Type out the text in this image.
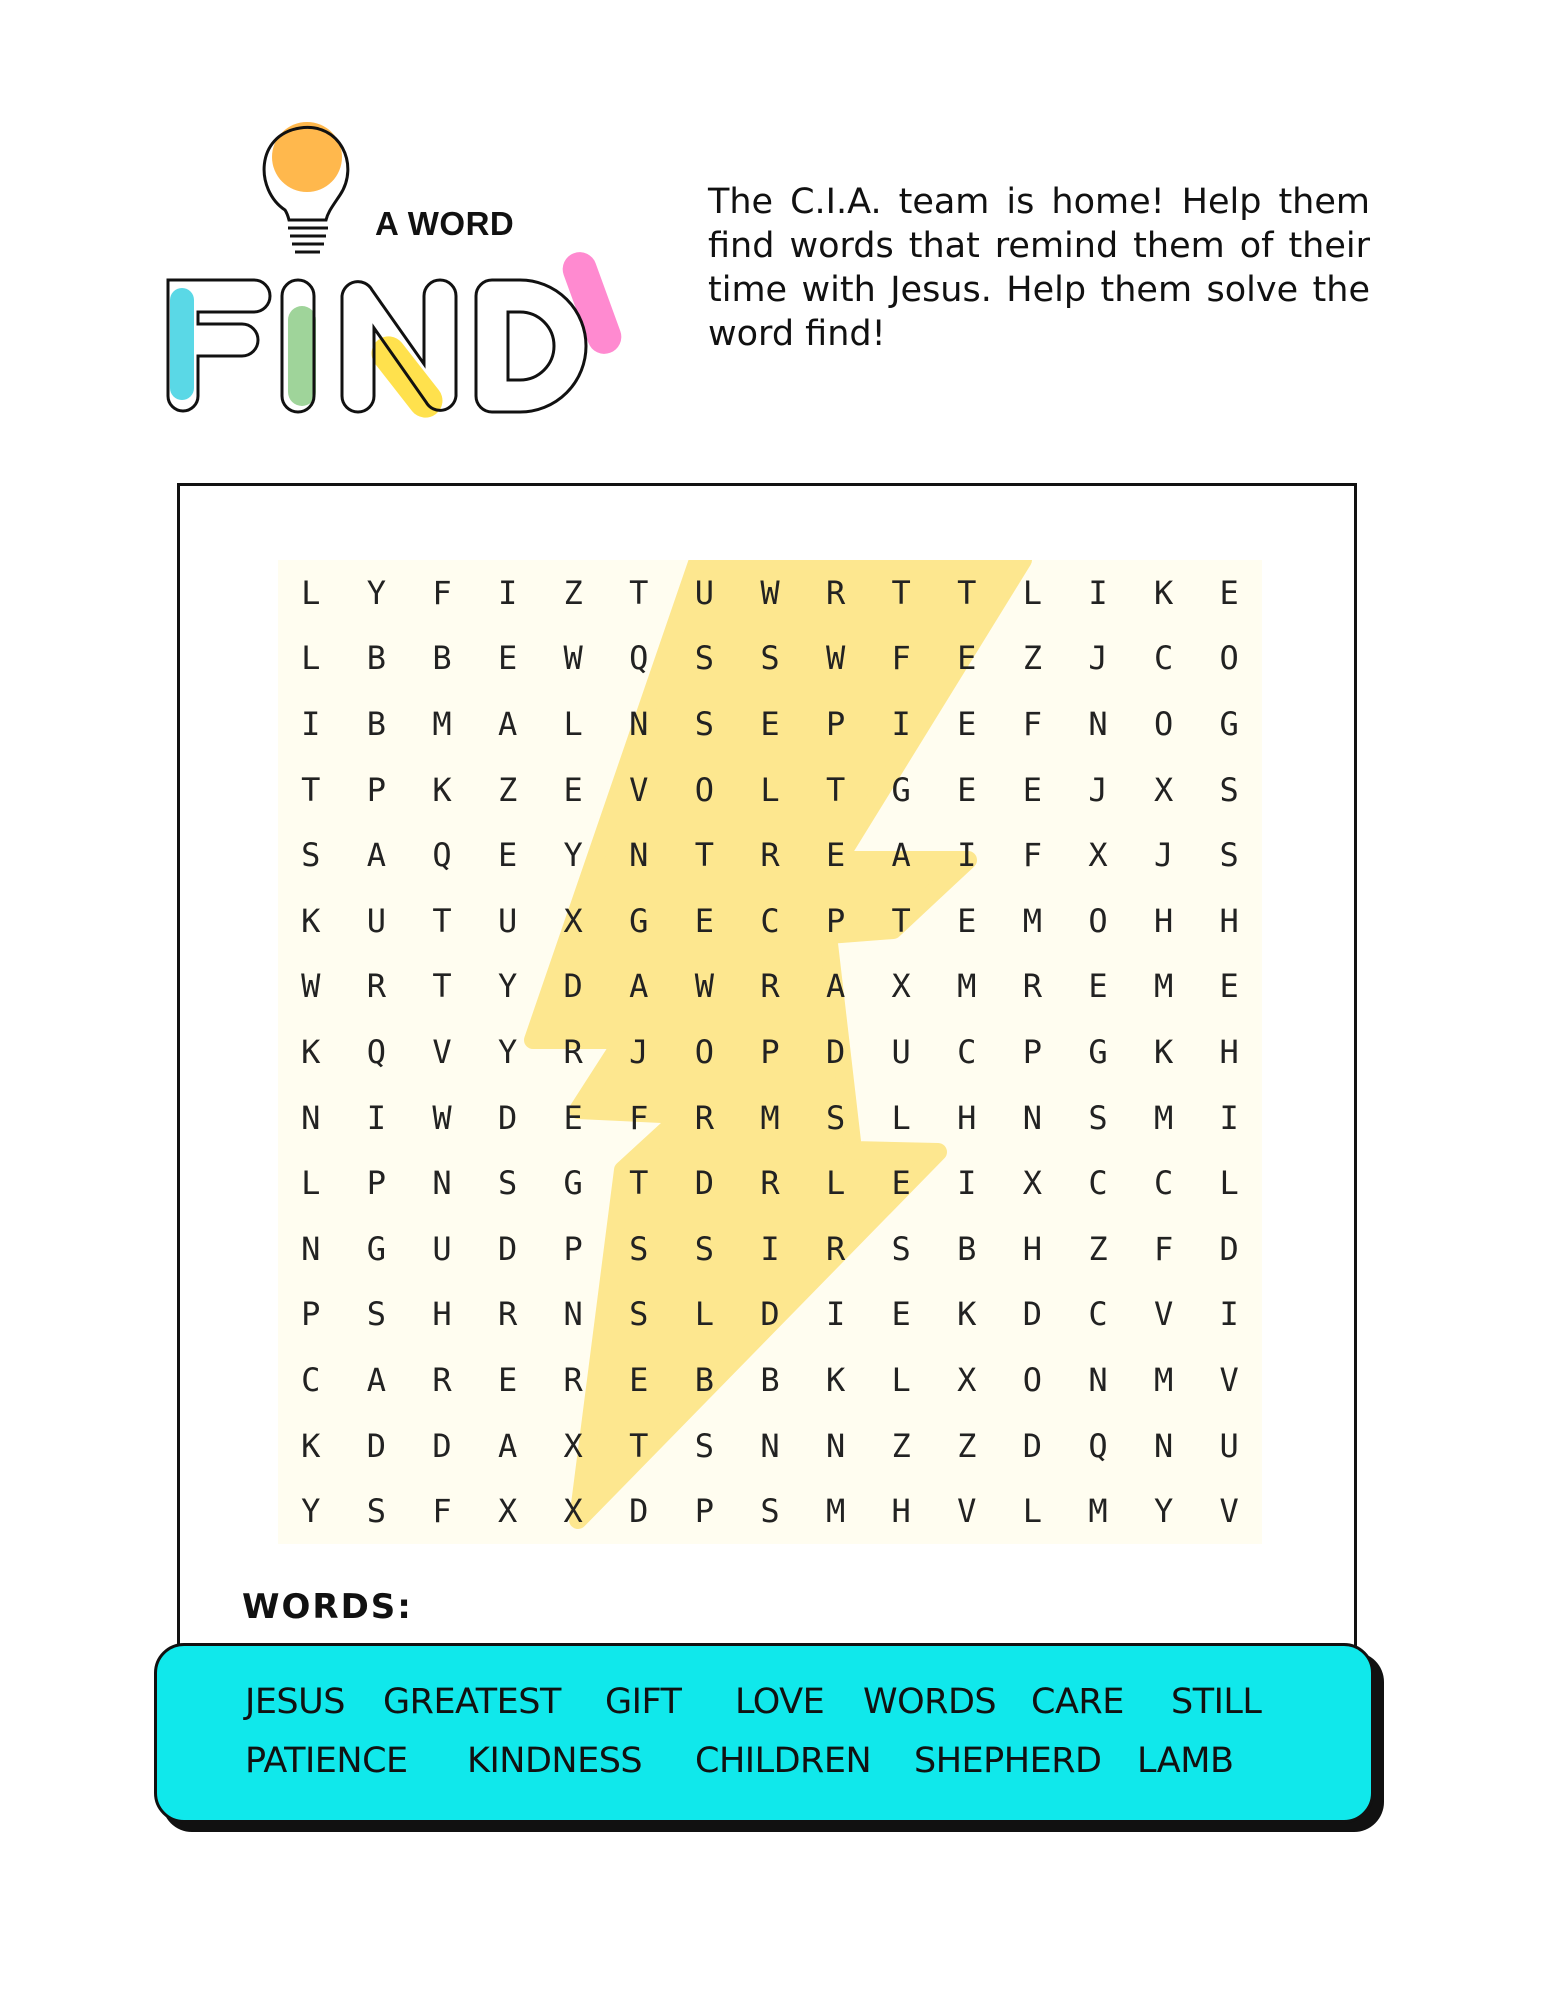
A WORD

The C.I.A. team is home! Help them find words that remind them of their time with Jesus. Help them solve the word find!

L	Y	F	I	Z	T	U	W	R	T	T	L	I	K	E
L	B	B	E	W	Q	S	S	W	F	E	Z	J	C	O
I	B	M	A	L	N	S	E	P	I	E	F	N	O	G
T	P	K	Z	E	V	O	L	T	G	E	E	J	X	S
S	A	Q	E	Y	N	T	R	E	A	I	F	X	J	S
K	U	T	U	X	G	E	C	P	T	E	M	O	H	H
W	R	T	Y	D	A	W	R	A	X	M	R	E	M	E
K	Q	V	Y	R	J	O	P	D	U	C	P	G	K	H
N	I	W	D	E	F	R	M	S	L	H	N	S	M	I
L	P	N	S	G	T	D	R	L	E	I	X	C	C	L
N	G	U	D	P	S	S	I	R	S	B	H	Z	F	D
P	S	H	R	N	S	L	D	I	E	K	D	C	V	I
C	A	R	E	R	E	B	B	K	L	X	O	N	M	V
K	D	D	A	X	T	S	N	N	Z	Z	D	Q	N	U
Y	S	F	X	X	D	P	S	M	H	V	L	M	Y	V
WORDS:
JESUS GREATEST GIFT LOVE WORDS CARE STILL
PATIENCE KINDNESS CHILDREN SHEPHERD LAMB
